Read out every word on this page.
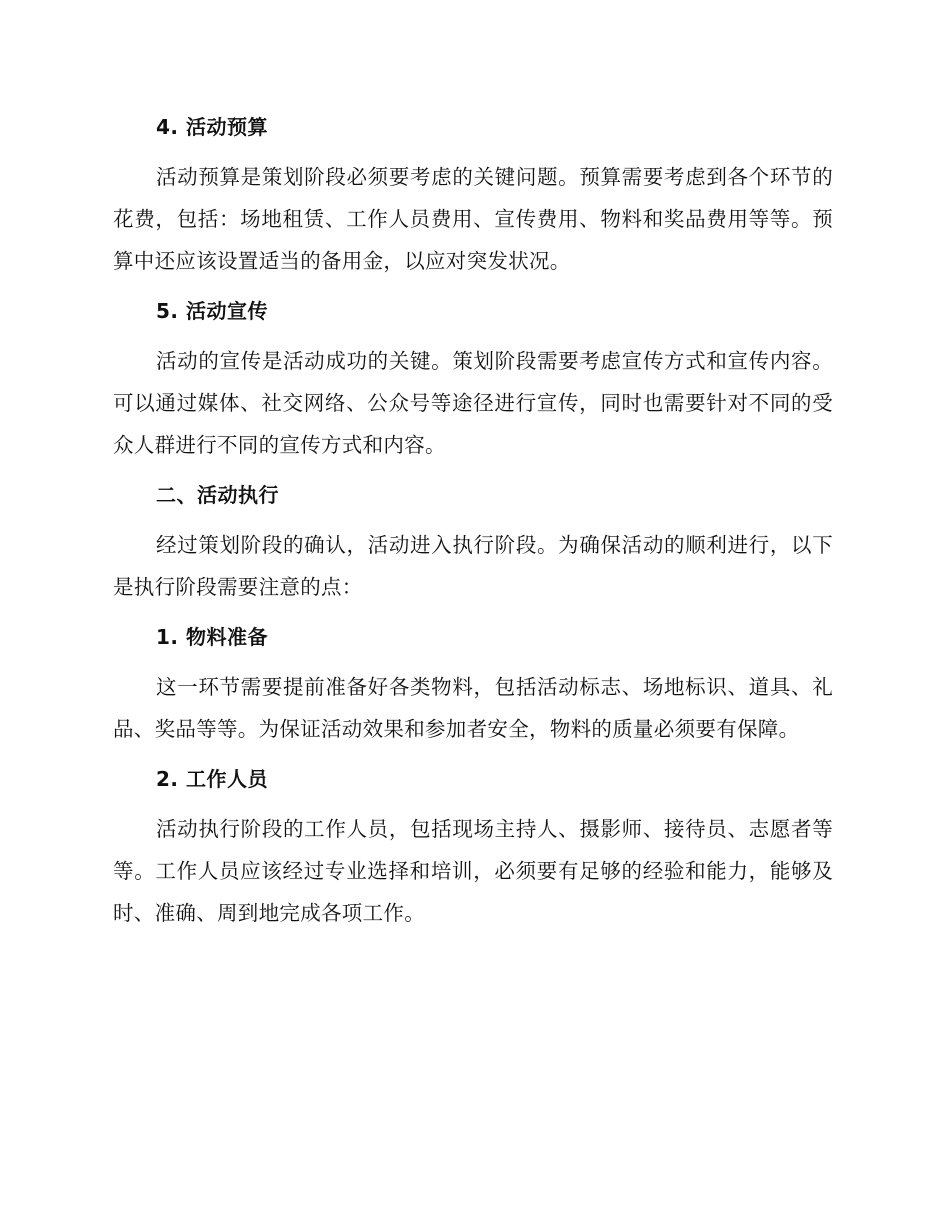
4. 活动预算

活动预算是策划阶段必须要考虑的关键问题。预算需要考虑到各个环节的花费，包括：场地租赁、工作人员费用、宣传费用、物料和奖品费用等等。预算中还应该设置适当的备用金，以应对突发状况。

5. 活动宣传

活动的宣传是活动成功的关键。策划阶段需要考虑宣传方式和宣传内容。可以通过媒体、社交网络、公众号等途径进行宣传，同时也需要针对不同的受众人群进行不同的宣传方式和内容。

二、活动执行

经过策划阶段的确认，活动进入执行阶段。为确保活动的顺利进行，以下是执行阶段需要注意的点：

1. 物料准备

这一环节需要提前准备好各类物料，包括活动标志、场地标识、道具、礼品、奖品等等。为保证活动效果和参加者安全，物料的质量必须要有保障。

2. 工作人员

活动执行阶段的工作人员，包括现场主持人、摄影师、接待员、志愿者等等。工作人员应该经过专业选择和培训，必须要有足够的经验和能力，能够及时、准确、周到地完成各项工作。
